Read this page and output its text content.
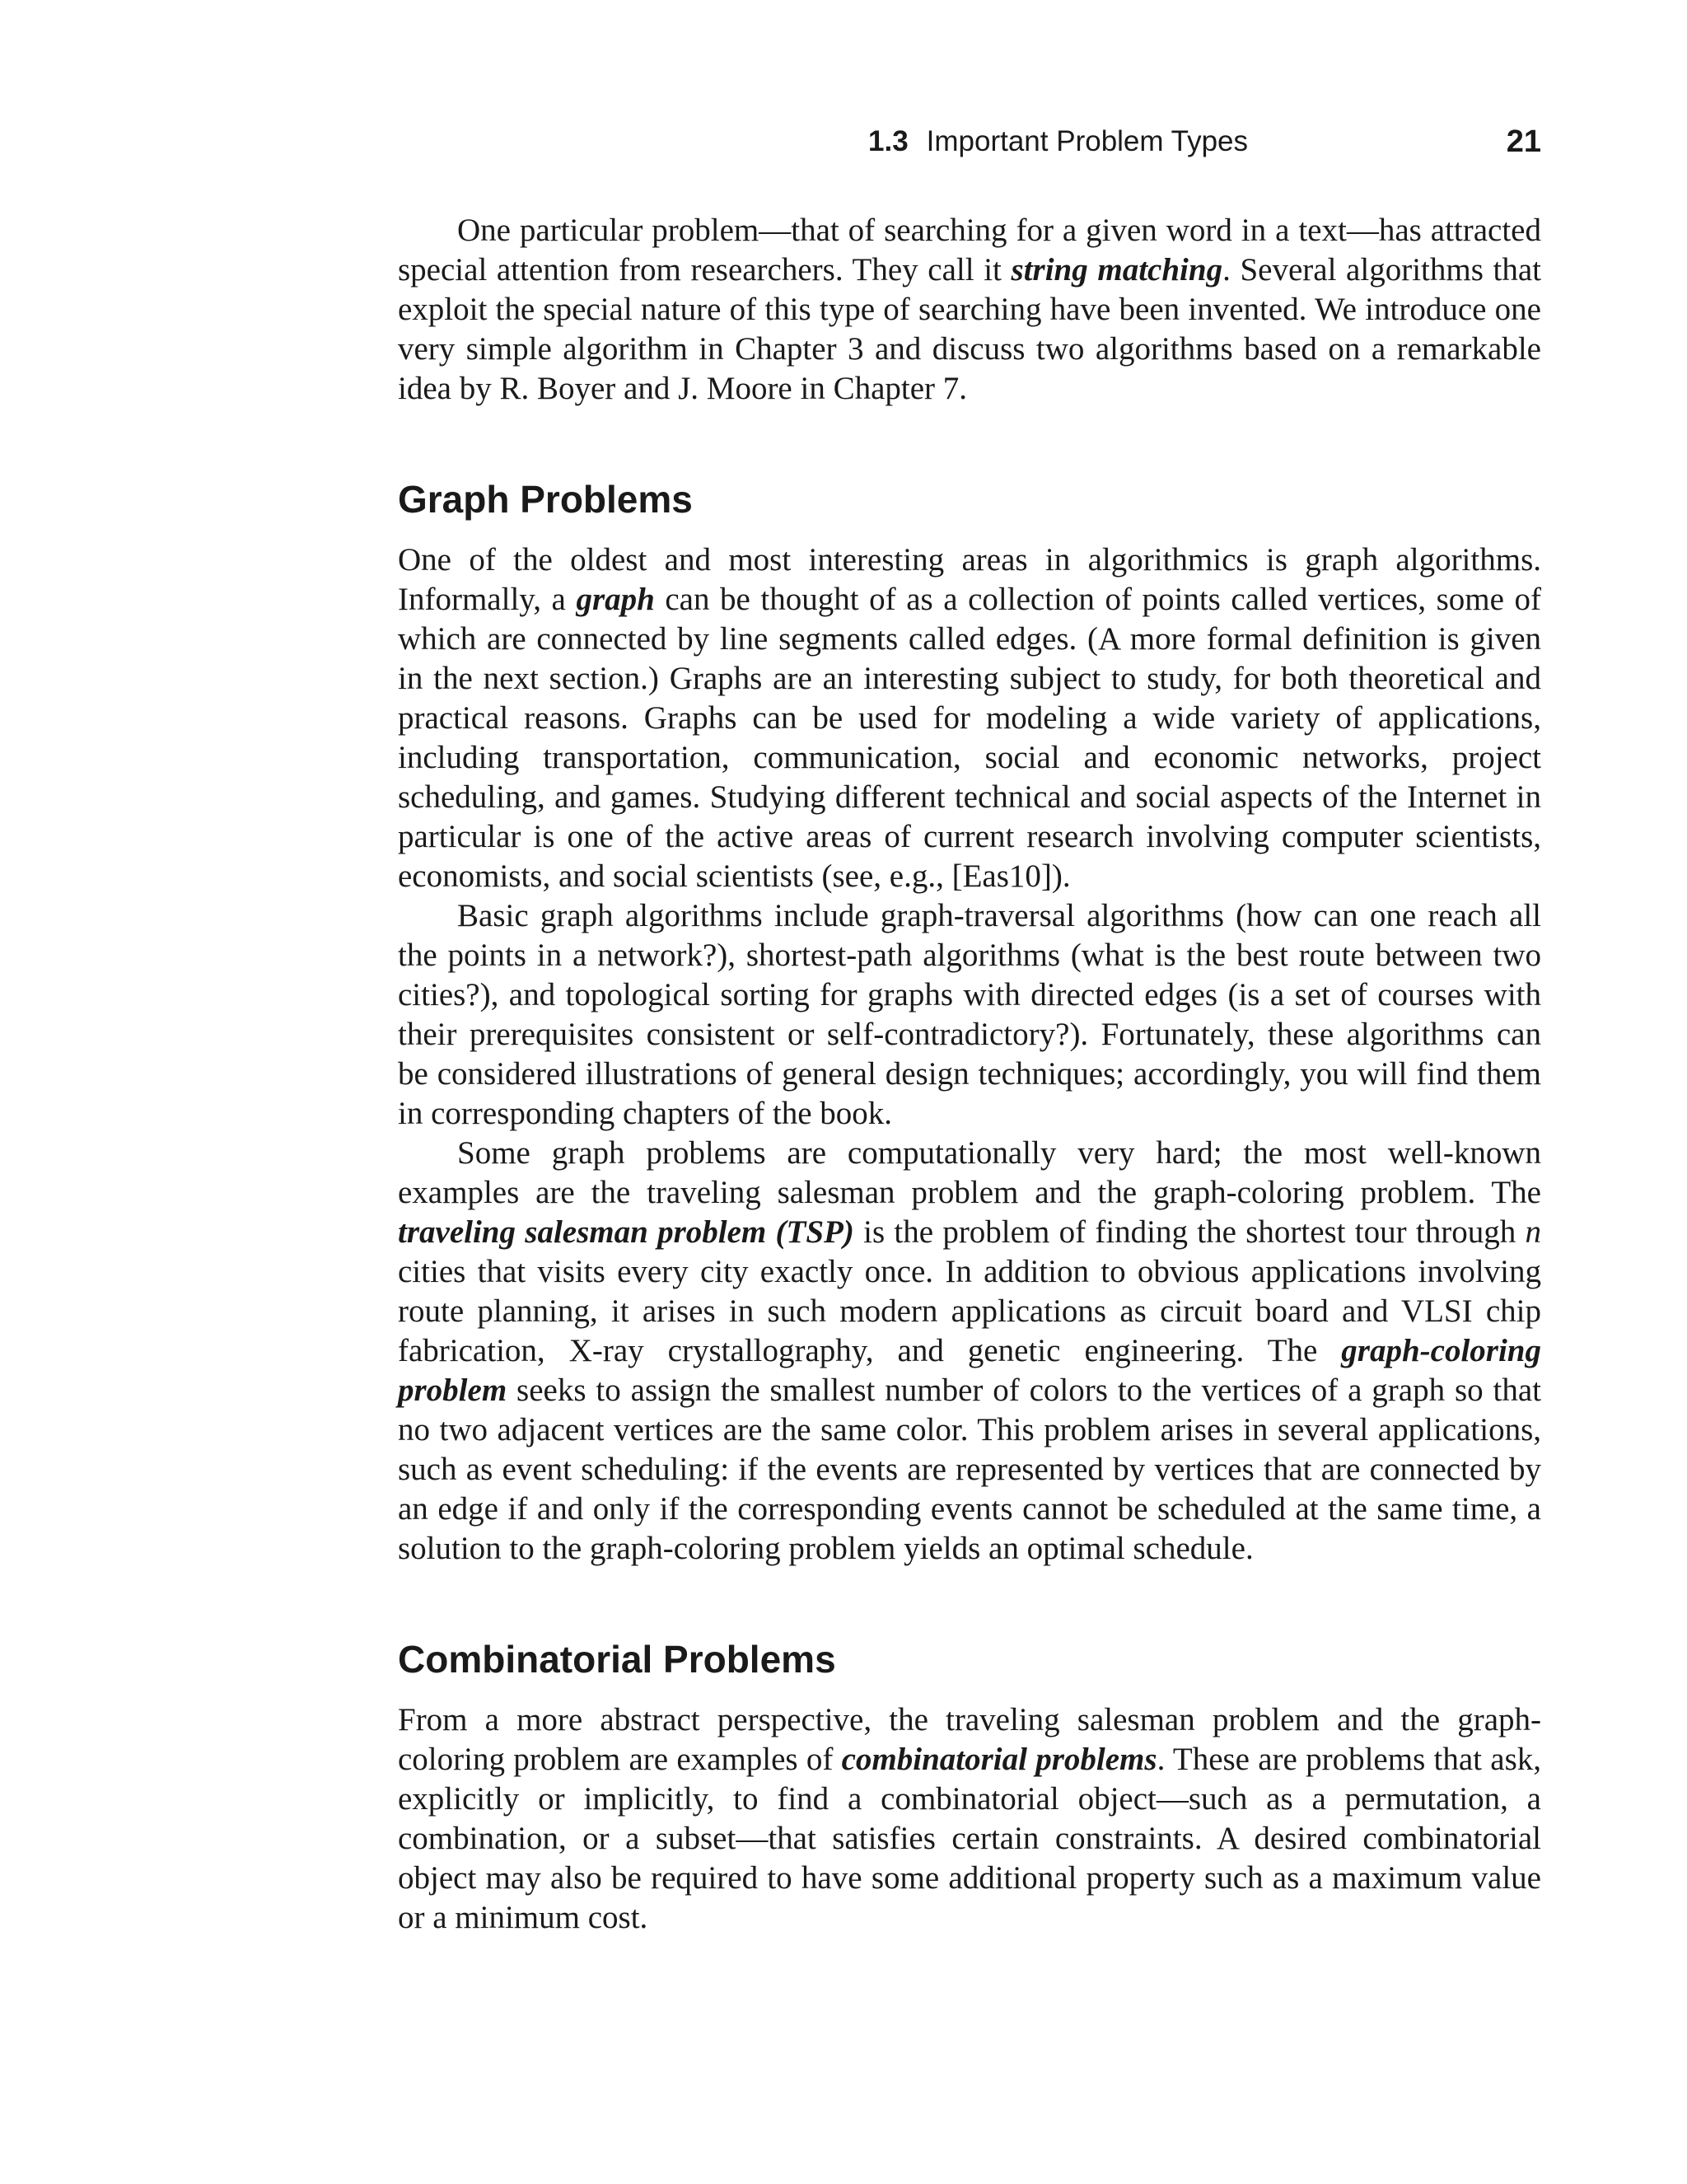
1.3 Important Problem Types	21

One particular problem—that of searching for a given word in a text—has attracted special attention from researchers. They call it string matching. Several algorithms that exploit the special nature of this type of searching have been invented. We introduce one very simple algorithm in Chapter 3 and discuss two algorithms based on a remarkable idea by R. Boyer and J. Moore in Chapter 7.

Graph Problems

One of the oldest and most interesting areas in algorithmics is graph algorithms. Informally, a graph can be thought of as a collection of points called vertices, some of which are connected by line segments called edges. (A more formal definition is given in the next section.) Graphs are an interesting subject to study, for both theoretical and practical reasons. Graphs can be used for modeling a wide variety of applications, including transportation, communication, social and economic networks, project scheduling, and games. Studying different technical and social aspects of the Internet in particular is one of the active areas of current research involving computer scientists, economists, and social scientists (see, e.g., [Eas10]).

Basic graph algorithms include graph-traversal algorithms (how can one reach all the points in a network?), shortest-path algorithms (what is the best route between two cities?), and topological sorting for graphs with directed edges (is a set of courses with their prerequisites consistent or self-contradictory?). Fortunately, these algorithms can be considered illustrations of general design techniques; accordingly, you will find them in corresponding chapters of the book.

Some graph problems are computationally very hard; the most well-known examples are the traveling salesman problem and the graph-coloring problem. The traveling salesman problem (TSP) is the problem of finding the shortest tour through n cities that visits every city exactly once. In addition to obvious applications involving route planning, it arises in such modern applications as circuit board and VLSI chip fabrication, X-ray crystallography, and genetic engineering. The graph-coloring problem seeks to assign the smallest number of colors to the vertices of a graph so that no two adjacent vertices are the same color. This problem arises in several applications, such as event scheduling: if the events are represented by vertices that are connected by an edge if and only if the corresponding events cannot be scheduled at the same time, a solution to the graph-coloring problem yields an optimal schedule.

Combinatorial Problems

From a more abstract perspective, the traveling salesman problem and the graph-coloring problem are examples of combinatorial problems. These are problems that ask, explicitly or implicitly, to find a combinatorial object—such as a permutation, a combination, or a subset—that satisfies certain constraints. A desired combinatorial object may also be required to have some additional property such as a maximum value or a minimum cost.
